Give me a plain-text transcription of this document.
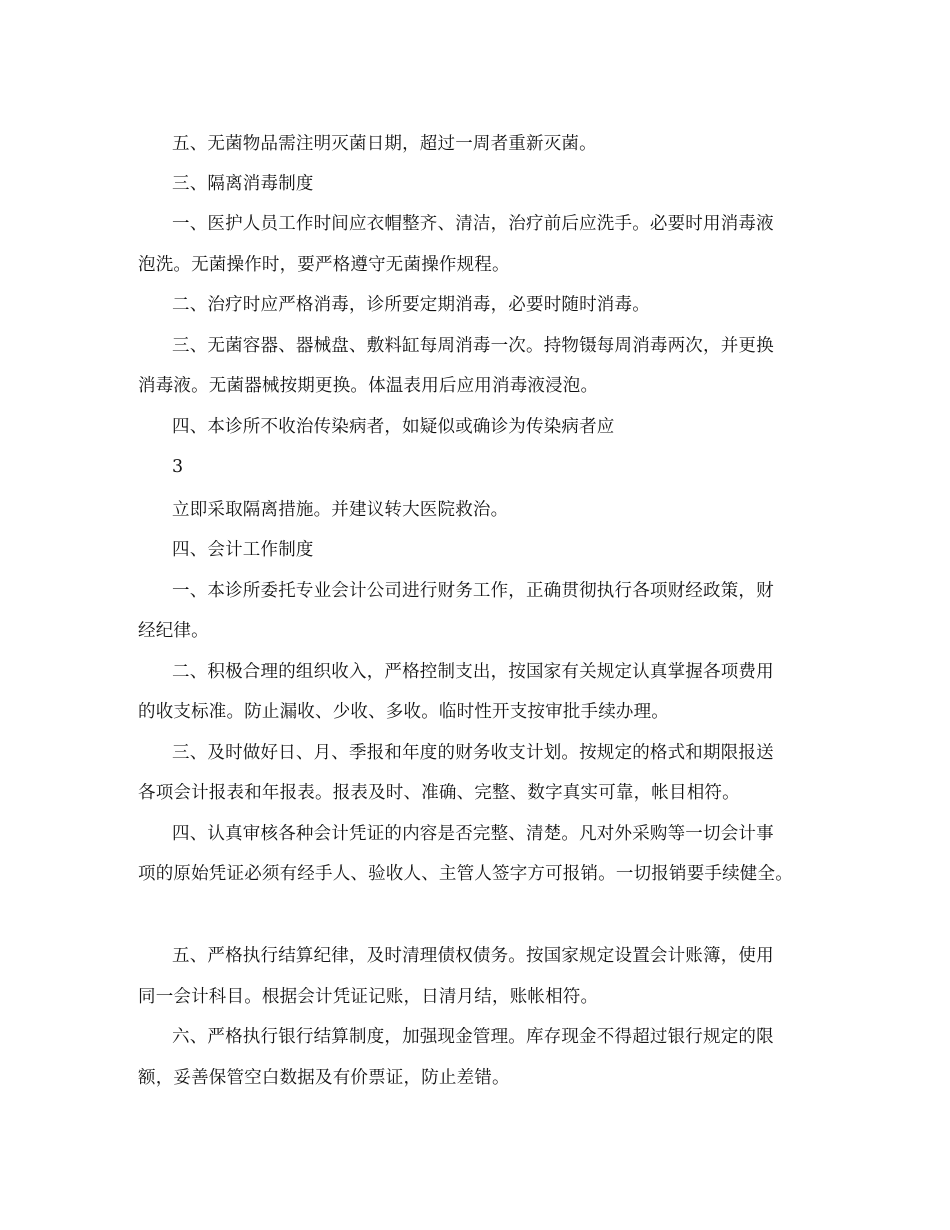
五、无菌物品需注明灭菌日期，超过一周者重新灭菌。
三、隔离消毒制度
一、医护人员工作时间应衣帽整齐、清洁，治疗前后应洗手。必要时用消毒液
泡洗。无菌操作时，要严格遵守无菌操作规程。
二、治疗时应严格消毒，诊所要定期消毒，必要时随时消毒。
三、无菌容器、器械盘、敷料缸每周消毒一次。持物镊每周消毒两次，并更换
消毒液。无菌器械按期更换。体温表用后应用消毒液浸泡。
四、本诊所不收治传染病者，如疑似或确诊为传染病者应
3
立即采取隔离措施。并建议转大医院救治。
四、会计工作制度
一、本诊所委托专业会计公司进行财务工作，正确贯彻执行各项财经政策，财
经纪律。
二、积极合理的组织收入，严格控制支出，按国家有关规定认真掌握各项费用
的收支标准。防止漏收、少收、多收。临时性开支按审批手续办理。
三、及时做好日、月、季报和年度的财务收支计划。按规定的格式和期限报送
各项会计报表和年报表。报表及时、准确、完整、数字真实可靠，帐目相符。
四、认真审核各种会计凭证的内容是否完整、清楚。凡对外采购等一切会计事
项的原始凭证必须有经手人、验收人、主管人签字方可报销。一切报销要手续健全。
五、严格执行结算纪律，及时清理债权债务。按国家规定设置会计账簿，使用
同一会计科目。根据会计凭证记账，日清月结，账帐相符。
六、严格执行银行结算制度，加强现金管理。库存现金不得超过银行规定的限
额，妥善保管空白数据及有价票证，防止差错。
